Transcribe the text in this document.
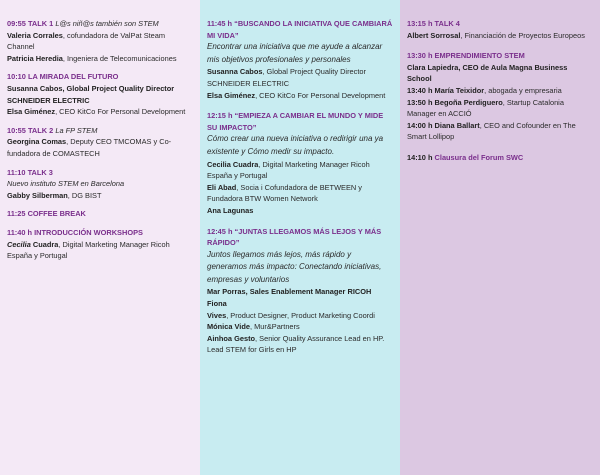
09:55 TALK 1 L@s niñ@s también son STEM

Valeria Corrales, cofundadora de ValPat Steam Channel

Patricia Heredia, Ingeniera de Telecomunicaciones

10:10 LA MIRADA DEL FUTURO

Susanna Cabos, Global Project Quality Director SCHNEIDER ELECTRIC

Elsa Giménez, CEO KitCo For Personal Development

10:55 TALK 2 La FP STEM

Georgina Comas, Deputy CEO TMCOMAS y Co-fundadora de COMASTECH

11:10 TALK 3

Nuevo instituto STEM en Barcelona

Gabby Silberman, DG BIST

11:25 COFFEE BREAK

11:40 h INTRODUCCIÓN WORKSHOPS

Cecilia Cuadra, Digital Marketing Manager Ricoh España y Portugal

11:45 h “BUSCANDO LA INICIATIVA QUE CAMBIARÁ MI VIDA”

Encontrar una iniciativa que me ayude a alcanzar mis objetivos profesionales y personales

Susanna Cabos, Global Project Quality Director SCHNEIDER ELECTRIC

Elsa Giménez, CEO KitCo For Personal Development

12:15 h “EMPIEZA A CAMBIAR EL MUNDO Y MIDE SU IMPACTO”

Cómo crear una nueva iniciativa o redirigir una ya existente y Cómo medir su impacto.

Cecilia Cuadra, Digital Marketing Manager Ricoh España y Portugal

Eli Abad, Socia i Cofundadora de BETWEEN y Fundadora BTW Women Network

Ana Lagunas

12:45 h “JUNTAS LLEGAMOS MÁS LEJOS Y MÁS RÁPIDO”

Juntos llegamos más lejos, más rápido y generamos más impacto: Conectando iniciativas, empresas y voluntarios

Mar Porras, Sales Enablement Manager RICOH Fiona

Vives, Product Designer, Product Marketing Coordi

Mónica Vide, Mur&Partners

Ainhoa Gesto, Senior Quality Assurance Lead en HP. Lead STEM for Girls en HP

13:15 h TALK 4

Albert Sorrosal, Financiación de Proyectos Europeos

13:30 h EMPRENDIMIENTO STEM

Clara Lapiedra, CEO de Aula Magna Business School

13:40 h María Teixidor, abogada y empresaria

13:50 h Begoña Perdiguero, Startup Catalonia Manager en ACCIÓ

14:00 h Diana Ballart, CEO and Cofounder en The Smart Lollipop

14:10 h Clausura del Forum SWC
